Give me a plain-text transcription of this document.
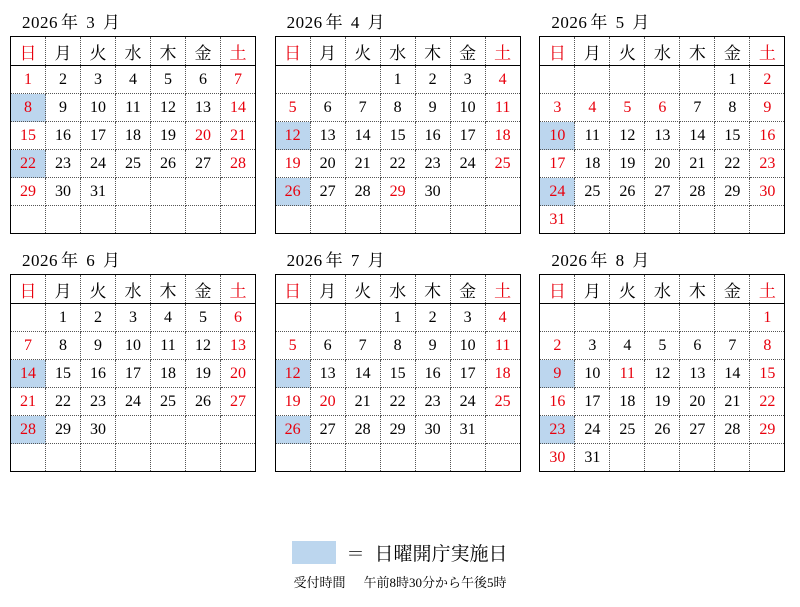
2026 年 3 月
日	月	火	水	木	金	土
1	2	3	4	5	6	7
8	9	10	11	12	13	14
15	16	17	18	19	20	21
22	23	24	25	26	27	28
29	30	31				

2026 年 4 月
日	月	火	水	木	金	土
			1	2	3	4
5	6	7	8	9	10	11
12	13	14	15	16	17	18
19	20	21	22	23	24	25
26	27	28	29	30		

2026 年 5 月
日	月	火	水	木	金	土
					1	2
3	4	5	6	7	8	9
10	11	12	13	14	15	16
17	18	19	20	21	22	23
24	25	26	27	28	29	30
31						
2026 年 6 月
日	月	火	水	木	金	土
	1	2	3	4	5	6
7	8	9	10	11	12	13
14	15	16	17	18	19	20
21	22	23	24	25	26	27
28	29	30				

2026 年 7 月
日	月	火	水	木	金	土
			1	2	3	4
5	6	7	8	9	10	11
12	13	14	15	16	17	18
19	20	21	22	23	24	25
26	27	28	29	30	31	

2026 年 8 月
日	月	火	水	木	金	土
						1
2	3	4	5	6	7	8
9	10	11	12	13	14	15
16	17	18	19	20	21	22
23	24	25	26	27	28	29
30	31					
＝ 日曜開庁実施日
受付時間 午前8時30分から午後5時
